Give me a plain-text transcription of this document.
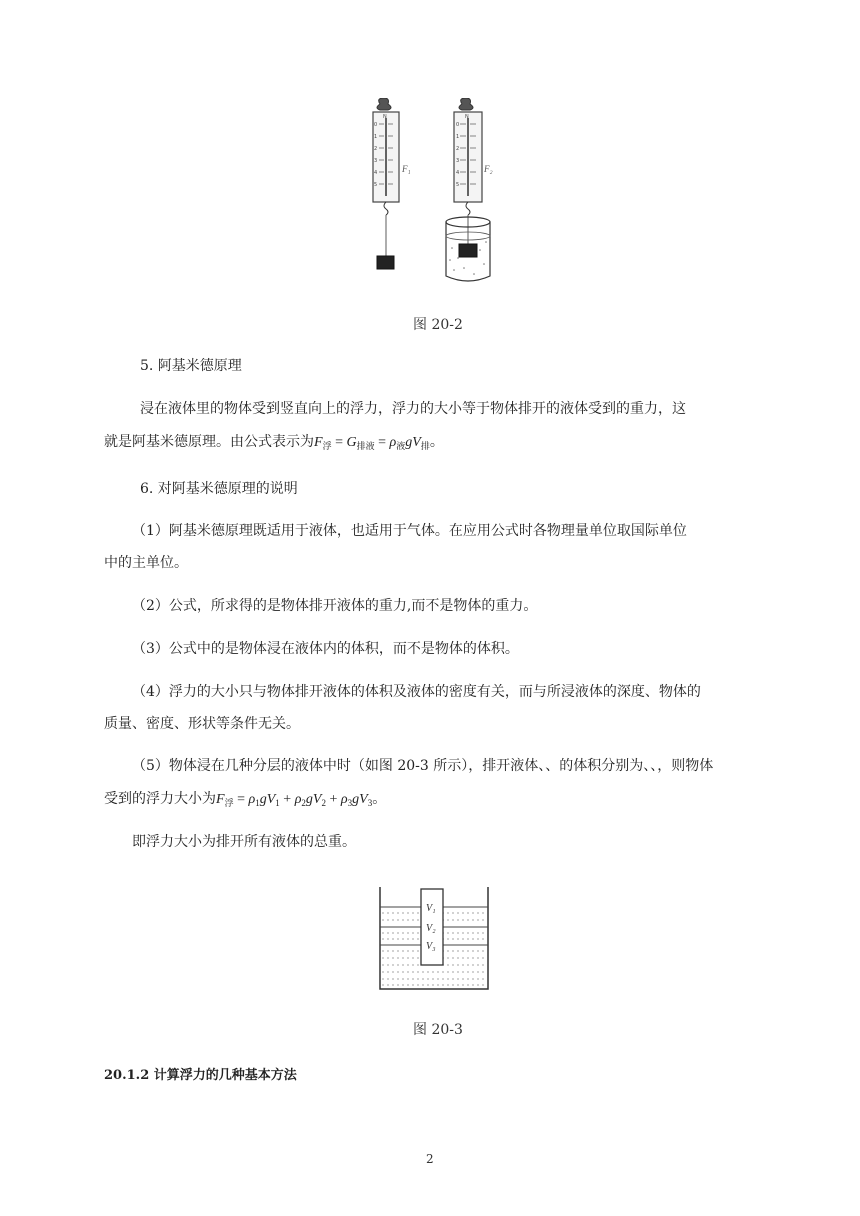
0
1
2
3
4
5
N
F₁
0
1
2
3
4
5
N
F₂
图 20-2
5. 阿基米德原理
浸在液体里的物体受到竖直向上的浮力，浮力的大小等于物体排开的液体受到的重力，这
就是阿基米德原理。由公式表示为$F_浮 = G_{排液} = \rho_液gV_排$。
6. 对阿基米德原理的说明
（1）阿基米德原理既适用于液体，也适用于气体。在应用公式时各物理量单位取国际单位
中的主单位。
（2）公式，所求得的是物体排开液体的重力,而不是物体的重力。
（3）公式中的是物体浸在液体内的体积，而不是物体的体积。
（4）浮力的大小只与物体排开液体的体积及液体的密度有关，而与所浸液体的深度、物体的
质量、密度、形状等条件无关。
（5）物体浸在几种分层的液体中时（如图 20-3 所示），排开液体、、的体积分别为、、，则物体
受到的浮力大小为$F_浮 = \rho_1gV_1 + \rho_2gV_2 + \rho_3gV_3$。
即浮力大小为排开所有液体的总重。
V₁
V₂
V₃
图 20-3
20.1.2 计算浮力的几种基本方法
2
